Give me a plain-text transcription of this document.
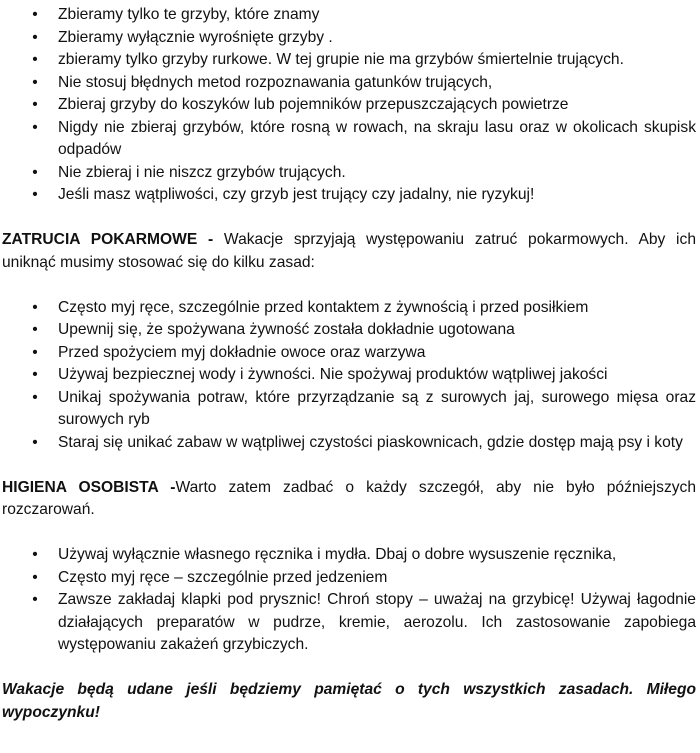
•
Zbieramy tylko te grzyby, które znamy
•
Zbieramy wyłącznie wyrośnięte grzyby .
•
zbieramy tylko grzyby rurkowe. W tej grupie nie ma grzybów śmiertelnie trujących.
•
Nie stosuj błędnych metod rozpoznawania gatunków trujących,
•
Zbieraj grzyby do koszyków lub pojemników przepuszczających powietrze
•
Nigdy nie zbieraj grzybów, które rosną w rowach, na skraju lasu oraz w okolicach skupisk odpadów
•
Nie zbieraj i nie niszcz grzybów trujących.
•
Jeśli masz wątpliwości, czy grzyb jest trujący czy jadalny, nie ryzykuj!

ZATRUCIA POKARMOWE - Wakacje sprzyjają występowaniu zatruć pokarmowych. Aby ich uniknąć musimy stosować się do kilku zasad:

•
Często myj ręce, szczególnie przed kontaktem z żywnością i przed posiłkiem
•
Upewnij się, że spożywana żywność została dokładnie ugotowana
•
Przed spożyciem myj dokładnie owoce oraz warzywa
•
Używaj bezpiecznej wody i żywności. Nie spożywaj produktów wątpliwej jakości
•
Unikaj spożywania potraw, które przyrządzanie są z surowych jaj, surowego mięsa oraz surowych ryb
•
Staraj się unikać zabaw w wątpliwej czystości piaskownicach, gdzie dostęp mają psy i koty

HIGIENA OSOBISTA -Warto zatem zadbać o każdy szczegół, aby nie było późniejszych rozczarowań.

•
Używaj wyłącznie własnego ręcznika i mydła. Dbaj o dobre wysuszenie ręcznika,
•
Często myj ręce – szczególnie przed jedzeniem
•
Zawsze zakładaj klapki pod prysznic! Chroń stopy – uważaj na grzybicę! Używaj łagodnie działających preparatów w pudrze, kremie, aerozolu. Ich zastosowanie zapobiega występowaniu zakażeń grzybiczych.

Wakacje będą udane jeśli będziemy pamiętać o tych wszystkich zasadach. Miłego wypoczynku!
